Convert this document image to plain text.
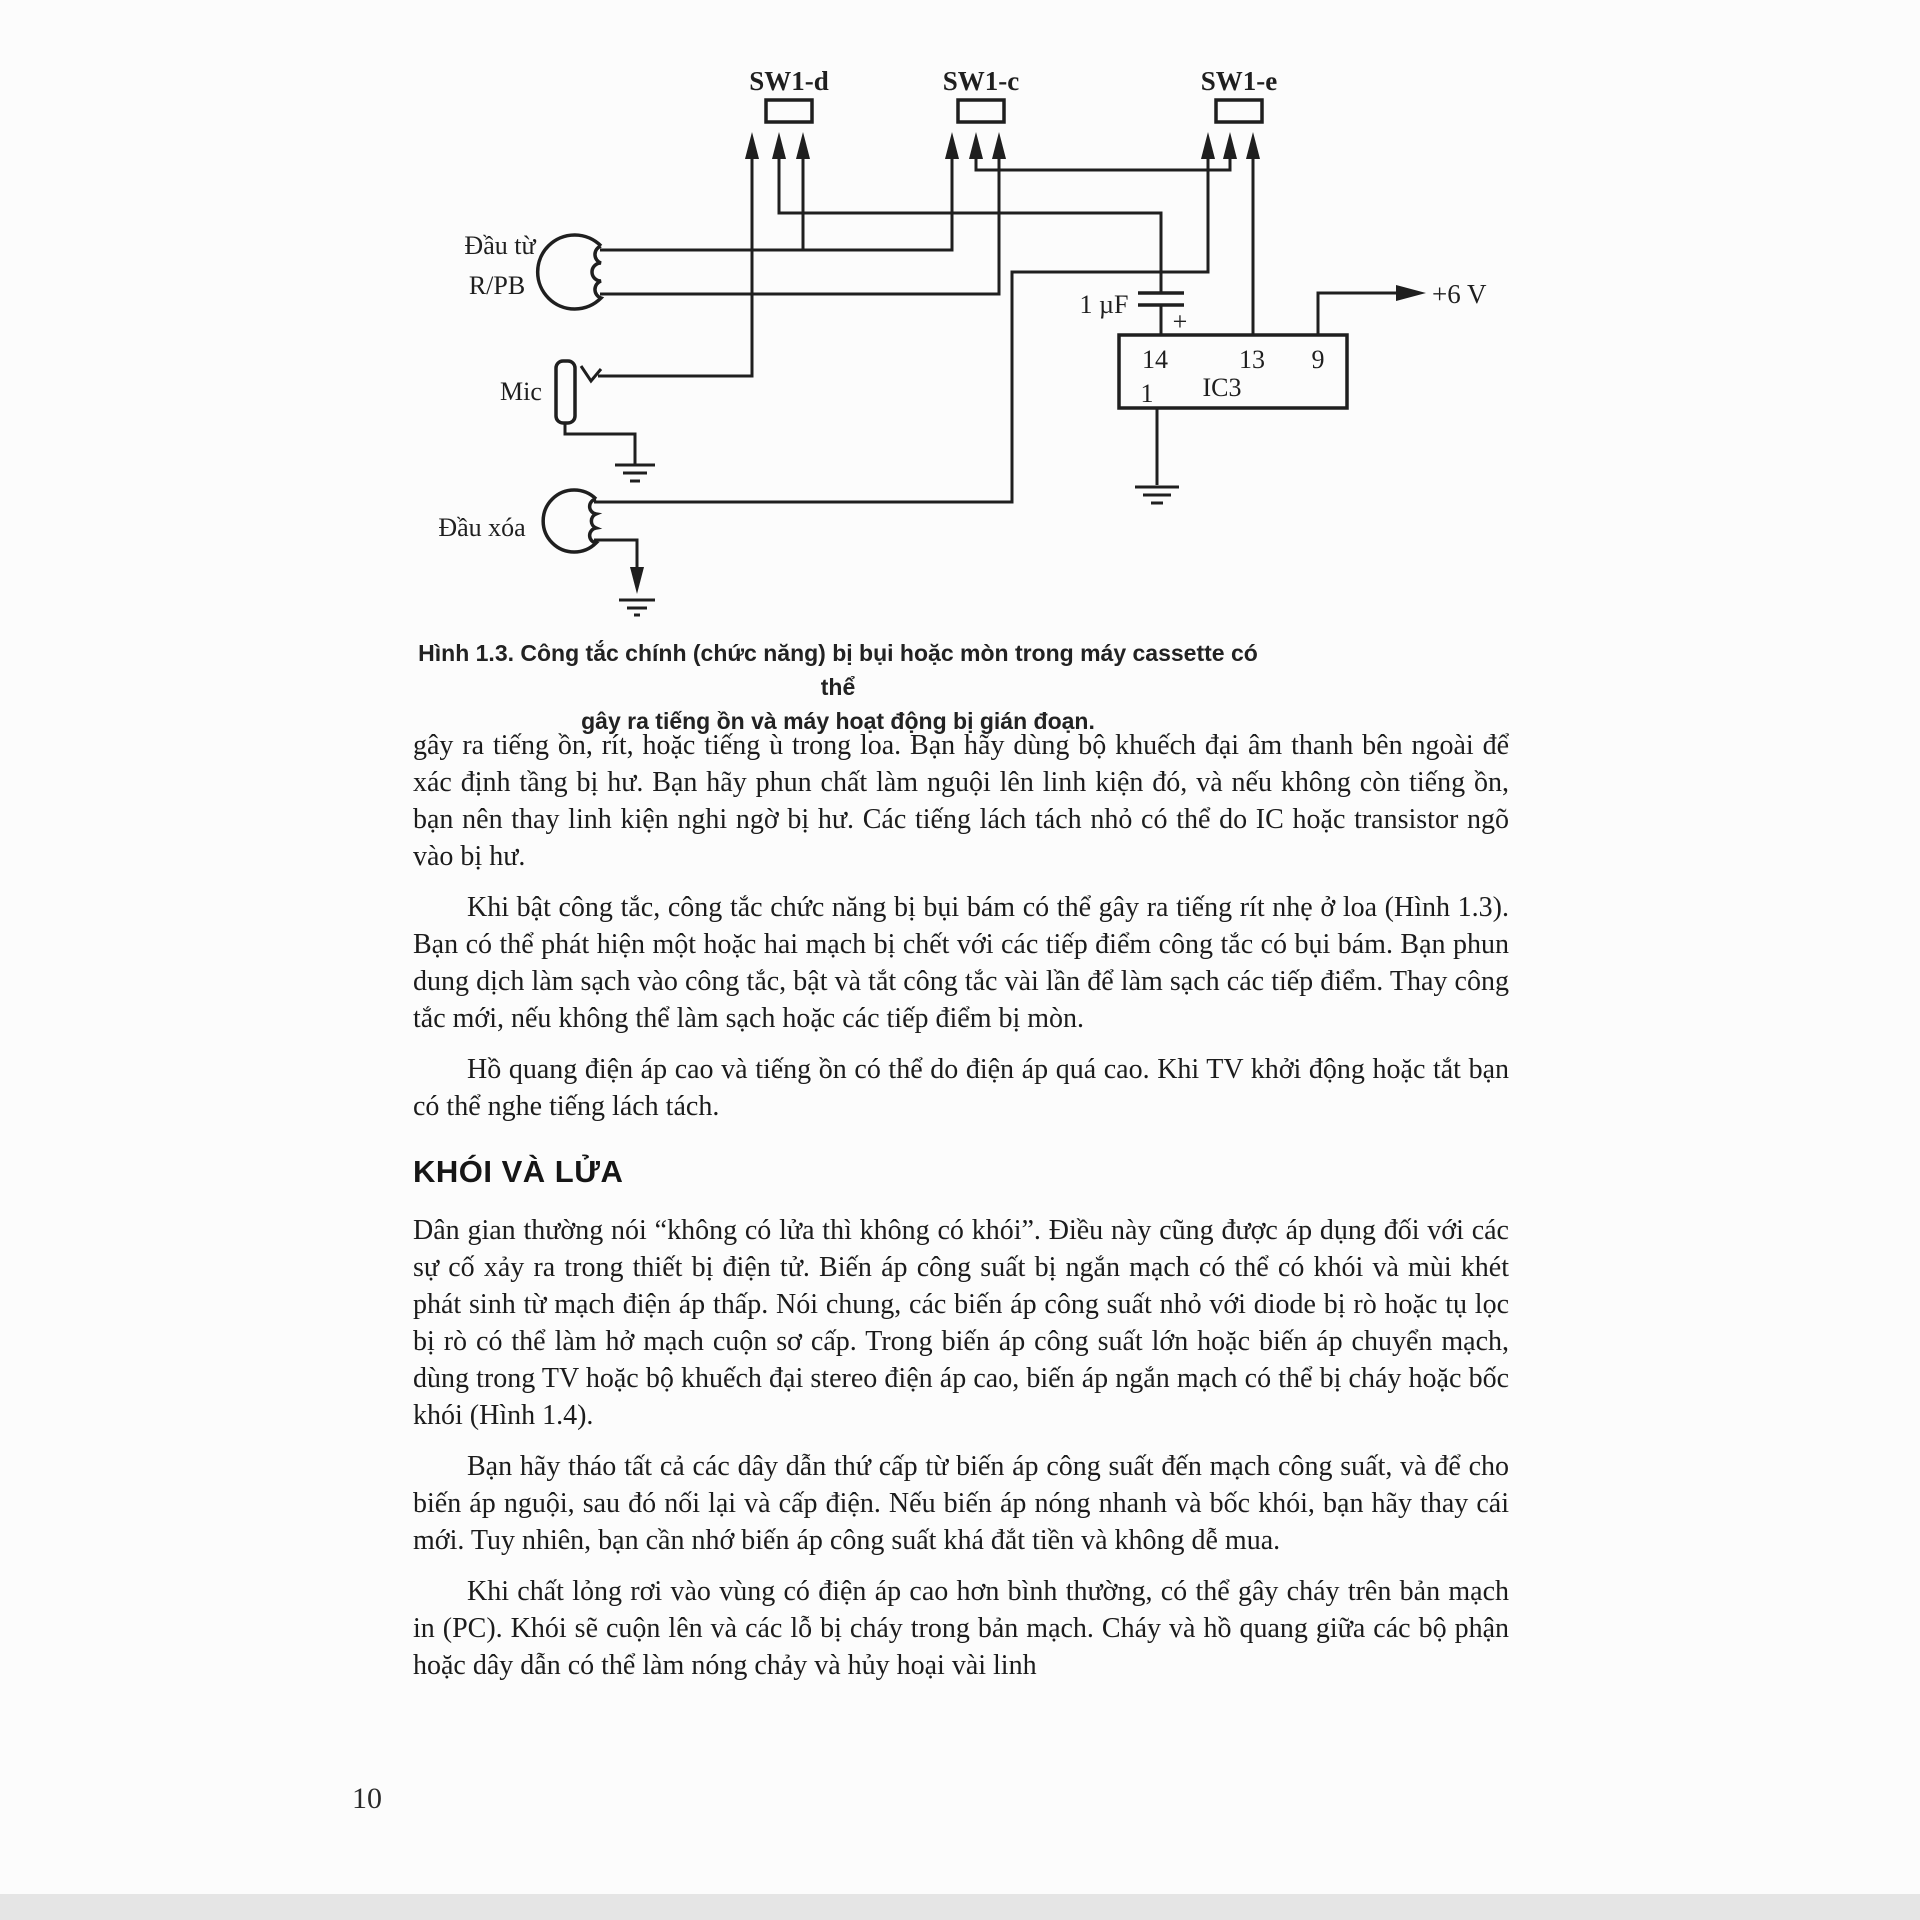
SW1-d	SW1-c	SW1-e
Đầu từ
R/PB
Mic
Đầu xóa
1 µF
+
14	13 9
1 IC3
+6 V
Hình 1.3. Công tắc chính (chức năng) bị bụi hoặc mòn trong máy cassette có thể
gây ra tiếng ồn và máy hoạt động bị gián đoạn.

gây ra tiếng ồn, rít, hoặc tiếng ù trong loa. Bạn hãy dùng bộ khuếch đại âm thanh bên ngoài để xác định tầng bị hư. Bạn hãy phun chất làm nguội lên linh kiện đó, và nếu không còn tiếng ồn, bạn nên thay linh kiện nghi ngờ bị hư. Các tiếng lách tách nhỏ có thể do IC hoặc transistor ngõ vào bị hư.

Khi bật công tắc, công tắc chức năng bị bụi bám có thể gây ra tiếng rít nhẹ ở loa (Hình 1.3). Bạn có thể phát hiện một hoặc hai mạch bị chết với các tiếp điểm công tắc có bụi bám. Bạn phun dung dịch làm sạch vào công tắc, bật và tắt công tắc vài lần để làm sạch các tiếp điểm. Thay công tắc mới, nếu không thể làm sạch hoặc các tiếp điểm bị mòn.

Hồ quang điện áp cao và tiếng ồn có thể do điện áp quá cao. Khi TV khởi động hoặc tắt bạn có thể nghe tiếng lách tách.

KHÓI VÀ LỬA

Dân gian thường nói “không có lửa thì không có khói”. Điều này cũng được áp dụng đối với các sự cố xảy ra trong thiết bị điện tử. Biến áp công suất bị ngắn mạch có thể có khói và mùi khét phát sinh từ mạch điện áp thấp. Nói chung, các biến áp công suất nhỏ với diode bị rò hoặc tụ lọc bị rò có thể làm hở mạch cuộn sơ cấp. Trong biến áp công suất lớn hoặc biến áp chuyển mạch, dùng trong TV hoặc bộ khuếch đại stereo điện áp cao, biến áp ngắn mạch có thể bị cháy hoặc bốc khói (Hình 1.4).

Bạn hãy tháo tất cả các dây dẫn thứ cấp từ biến áp công suất đến mạch công suất, và để cho biến áp nguội, sau đó nối lại và cấp điện. Nếu biến áp nóng nhanh và bốc khói, bạn hãy thay cái mới. Tuy nhiên, bạn cần nhớ biến áp công suất khá đắt tiền và không dễ mua.

Khi chất lỏng rơi vào vùng có điện áp cao hơn bình thường, có thể gây cháy trên bản mạch in (PC). Khói sẽ cuộn lên và các lỗ bị cháy trong bản mạch. Cháy và hồ quang giữa các bộ phận hoặc dây dẫn có thể làm nóng chảy và hủy hoại vài linh

10
